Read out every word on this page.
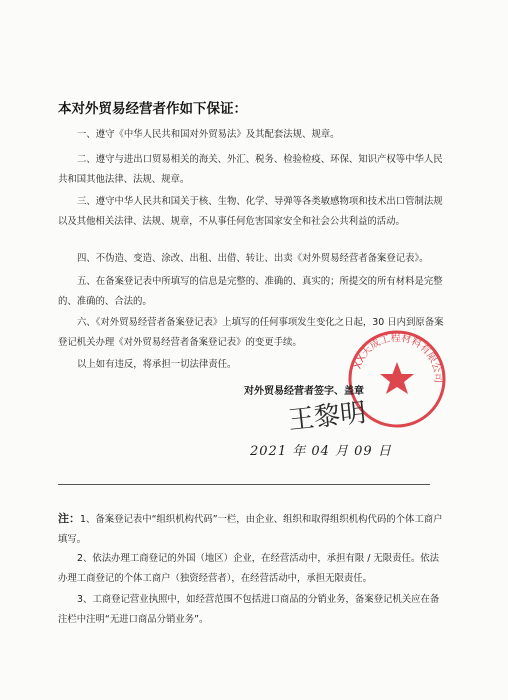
本对外贸易经营者作如下保证：
一、遵守《中华人民共和国对外贸易法》及其配套法规、规章。
二、遵守与进出口贸易相关的海关、外汇、税务、检验检疫、环保、知识产权等中华人民共和国其他法律、法规、规章。
三、遵守中华人民共和国关于核、生物、化学、导弹等各类敏感物项和技术出口管制法规以及其他相关法律、法规、规章，不从事任何危害国家安全和社会公共利益的活动。
四、不伪造、变造、涂改、出租、出借、转让、出卖《对外贸易经营者备案登记表》。
五、在备案登记表中所填写的信息是完整的、准确的、真实的；所提交的所有材料是完整的、准确的、合法的。
六、《对外贸易经营者备案登记表》上填写的任何事项发生变化之日起，30 日内到原备案登记机关办理《对外贸易经营者备案登记表》的变更手续。
以上如有违反，将承担一切法律责任。	XX天成工程材料有限公司
对外贸易经营者签字、盖章
王黎明
2021 年 04 月 09 日
注：1、备案登记表中“组织机构代码”一栏，由企业、组织和取得组织机构代码的个体工商户填写。
2、依法办理工商登记的外国（地区）企业，在经营活动中，承担有限 / 无限责任。依法办理工商登记的个体工商户（独资经营者），在经营活动中，承担无限责任。
3、工商登记营业执照中，如经营范围不包括进口商品的分销业务，备案登记机关应在备注栏中注明“无进口商品分销业务”。
